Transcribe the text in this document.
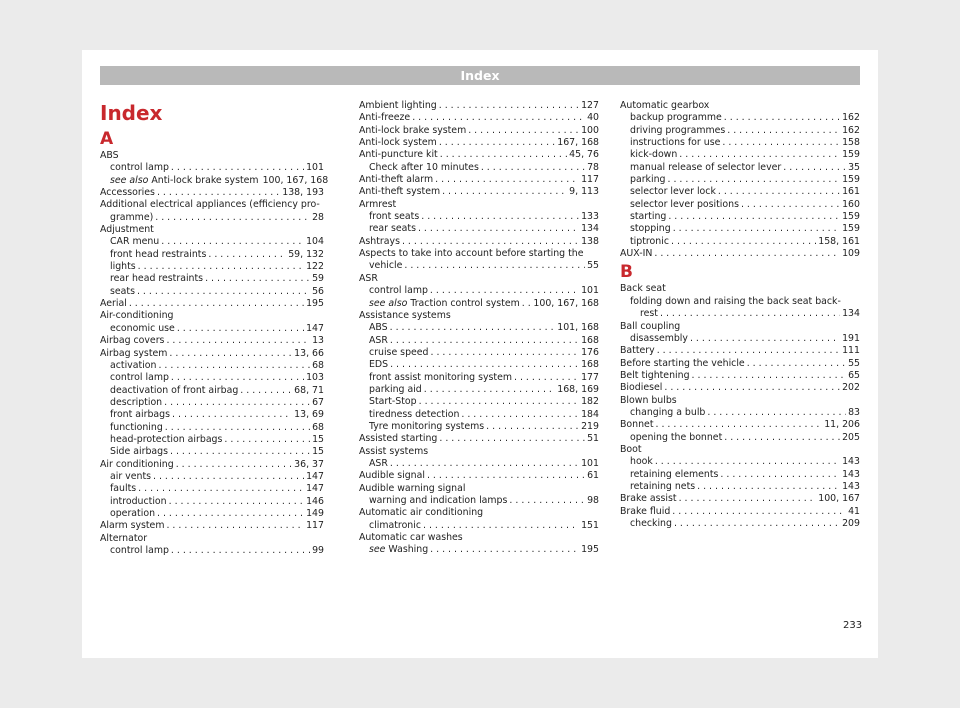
Index
Index
A
ABS
control lamp . . .	101
see also Anti-lock brake system 100, 167, 168
Accessories . . .	138, 193
Additional electrical appliances (efficiency pro-
gramme) . . .	28
Adjustment
CAR menu . . .	104
front head restraints . . .	59, 132
lights . . .	122
rear head restraints . . .	59
seats . . .	56
Aerial . . .	195
Air-conditioning
economic use . . .	147
Airbag covers . . .	13
Airbag system . . .	13, 66
activation . . .	68
control lamp . . .	103
deactivation of front airbag . . .	68, 71
description . . .	67
front airbags . . .	13, 69
functioning . . .	68
head-protection airbags . . .	15
Side airbags . . .	15
Air conditioning . . .	36, 37
air vents . . .	147
faults . . .	147
introduction . . .	146
operation . . .	149
Alarm system . . .	117
Alternator
control lamp . . .	99
Ambient lighting . . .	127
Anti-freeze . . .	40
Anti-lock brake system . . .	100
Anti-lock system . . .	167, 168
Anti-puncture kit . . .	45, 76
Check after 10 minutes . . .	78
Anti-theft alarm . . .	117
Anti-theft system . . .	9, 113
Armrest
front seats . . .	133
rear seats . . .	134
Ashtrays . . .	138
Aspects to take into account before starting the
vehicle . . .	55
ASR
control lamp . . .	101
see also Traction control system . . . 100, 167, 168
Assistance systems
ABS . . .	101, 168
ASR . . .	168
cruise speed . . .	176
EDS . . .	168
front assist monitoring system . . .	177
parking aid . . .	168, 169
Start-Stop . . .	182
tiredness detection . . .	184
Tyre monitoring systems . . .	219
Assisted starting . . .	51
Assist systems
ASR . . .	101
Audible signal . . .	61
Audible warning signal
warning and indication lamps . . .	98
Automatic air conditioning
climatronic . . .	151
Automatic car washes
see Washing . . .	195
Automatic gearbox
backup programme . . .	162
driving programmes . . .	162
instructions for use . . .	158
kick-down . . .	159
manual release of selector lever . . .	35
parking . . .	159
selector lever lock . . .	161
selector lever positions . . .	160
starting . . .	159
stopping . . .	159
tiptronic . . .	158, 161
AUX-IN . . .	109
B
Back seat
folding down and raising the back seat back-
rest . . .	134
Ball coupling
disassembly . . .	191
Battery . . .	111
Before starting the vehicle . . .	55
Belt tightening . . .	65
Biodiesel . . .	202
Blown bulbs
changing a bulb . . .	83
Bonnet . . .	11, 206
opening the bonnet . . .	205
Boot
hook . . .	143
retaining elements . . .	143
retaining nets . . .	143
Brake assist . . .	100, 167
Brake fluid . . .	41
checking . . .	209
233
